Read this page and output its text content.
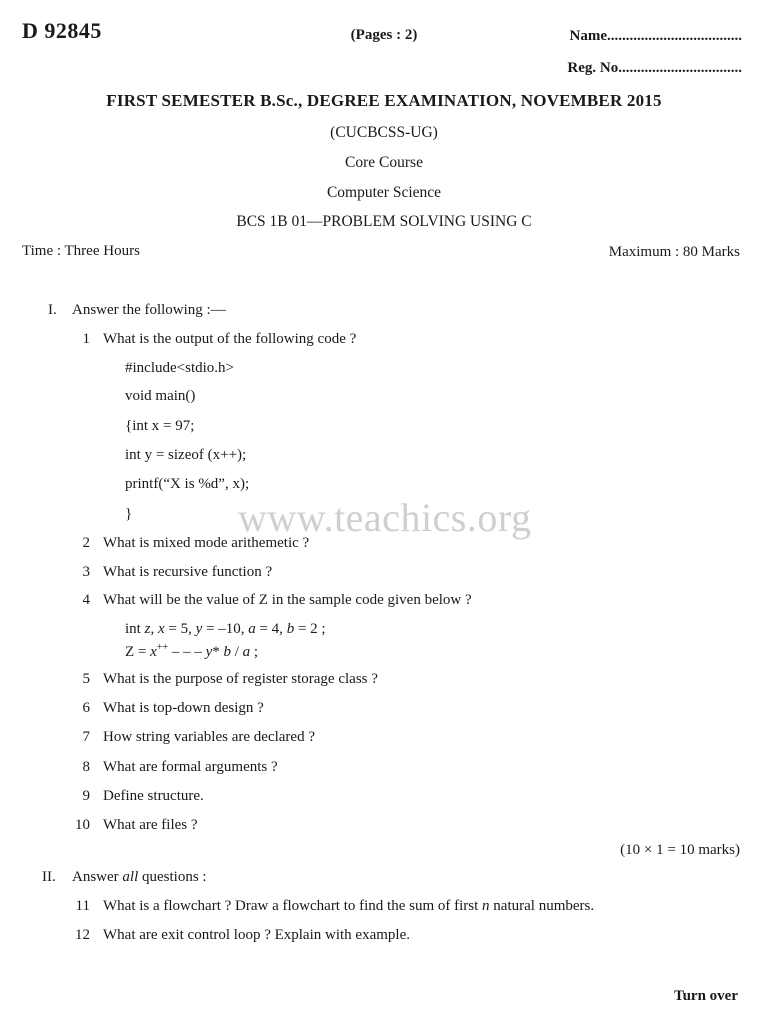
D 92845	(Pages : 2)	Name....................................
Reg. No.................................
FIRST SEMESTER B.Sc., DEGREE EXAMINATION, NOVEMBER 2015
(CUCBCSS-UG)
Core Course
Computer Science
BCS 1B 01—PROBLEM SOLVING USING C
Time : Three Hours	Maximum : 80 Marks
www.teachics.org
I. Answer the following :—
1 What is the output of the following code ?
#include<stdio.h>
void main()
{int x = 97;
int y = sizeof (x++);
printf(“X is %d”, x);
}
2 What is mixed mode arithemetic ?
3 What is recursive function ?
4 What will be the value of Z in the sample code given below ?
int z, x = 5, y = –10, a = 4, b = 2 ;
Z = x++ – – – y* b / a ;
5 What is the purpose of register storage class ?
6 What is top-down design ?
7 How string variables are declared ?
8 What are formal arguments ?
9 Define structure.
10 What are files ?
(10 × 1 = 10 marks)
II. Answer all questions :
11 What is a flowchart ? Draw a flowchart to find the sum of first n natural numbers.
12 What are exit control loop ? Explain with example.
Turn over
